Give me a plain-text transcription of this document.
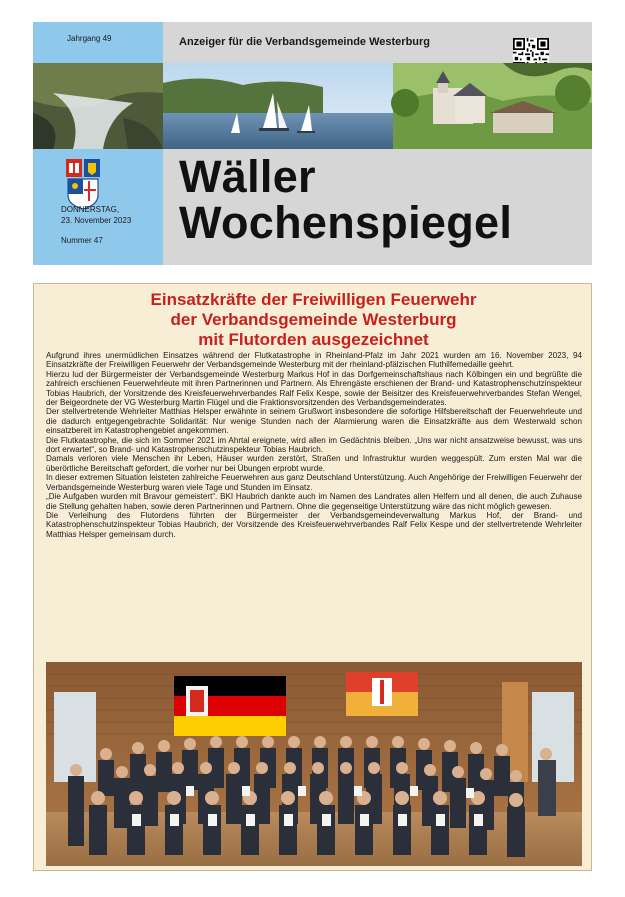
Jahrgang 49	Anzeiger für die Verbandsgemeinde Westerburg
DONNERSTAG,
23. November 2023
Nummer 47
Wäller
Wochenspiegel
Einsatzkräfte der Freiwilligen Feuerwehr
der Verbandsgemeinde Westerburg
mit Flutorden ausgezeichnet

Aufgrund ihres unermüdlichen Einsatzes während der Flutkatastrophe in Rheinland-Pfalz im Jahr 2021 wurden am 16. November 2023, 94 Einsatzkräfte der Freiwilligen Feuerwehr der Verbandsgemeinde Westerburg mit der rheinland-pfälzischen Fluthilfemedaille geehrt.

Hierzu lud der Bürgermeister der Verbandsgemeinde Westerburg Markus Hof in das Dorfgemeinschaftshaus nach Kölbingen ein und begrüßte die zahlreich erschienen Feuerwehrleute mit ihren Partnerinnen und Partnern. Als Ehrengäste erschienen der Brand- und Katastrophenschutzinspekteur Tobias Haubrich, der Vorsitzende des Kreisfeuerwehrverbandes Ralf Felix Kespe, sowie der Beisitzer des Kreisfeuerwehrverbandes Stefan Wengel, der Beigeordnete der VG Westerburg Martin Flügel und die Fraktionsvorsitzenden des Verbandsgemeinderates.

Der stellvertretende Wehrleiter Matthias Helsper erwähnte in seinem Grußwort insbesondere die sofortige Hilfsbereitschaft der Feuerwehrleute und die dadurch entgegengebrachte Solidarität: Nur wenige Stunden nach der Alarmierung waren die Einsatzkräfte aus dem Westerwald schon einsatzbereit im Katastrophengebiet angekommen.

Die Flutkatastrophe, die sich im Sommer 2021 im Ahrtal ereignete, wird allen im Gedächtnis bleiben. „Uns war nicht ansatzweise bewusst, was uns dort erwartet“, so Brand- und Katastrophenschutzinspekteur Tobias Haubrich.

Damals verloren viele Menschen ihr Leben, Häuser wurden zerstört, Straßen und Infrastruktur wurden weggespült. Zum ersten Mal war die überörtliche Bereitschaft gefordert, die vorher nur bei Übungen erprobt wurde.

In dieser extremen Situation leisteten zahlreiche Feuerwehren aus ganz Deutschland Unterstützung. Auch Angehörige der Freiwilligen Feuerwehr der Verbandsgemeinde Westerburg waren viele Tage und Stunden im Einsatz.

„Die Aufgaben wurden mit Bravour gemeistert“. BKI Haubrich dankte auch im Namen des Landrates allen Helfern und all denen, die auch Zuhause die Stellung gehalten haben, sowie deren Partnerinnen und Partnern. Ohne die gegenseitige Unterstützung wäre das nicht möglich gewesen.

Die Verleihung des Flutordens führten der Bürgermeister der Verbandsgemeindeverwaltung Markus Hof, der Brand- und Katastrophenschutzinspekteur Tobias Haubrich, der Vorsitzende des Kreisfeuerwehrverbandes Ralf Felix Kespe und der stellvertretende Wehrleiter Matthias Helsper gemeinsam durch.
